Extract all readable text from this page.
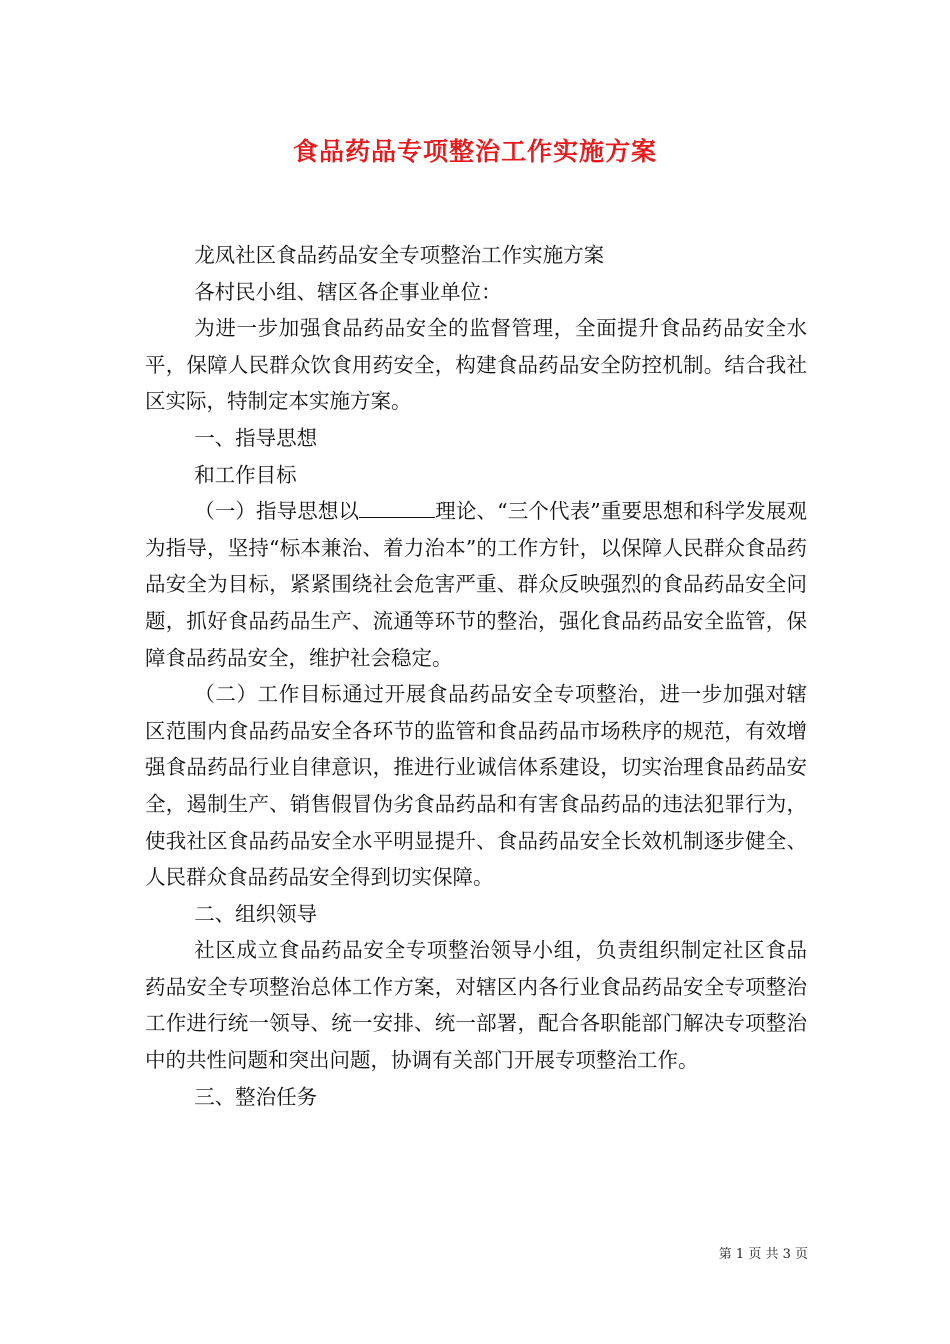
食品药品专项整治工作实施方案

龙凤社区食品药品安全专项整治工作实施方案

各村民小组、辖区各企事业单位：

为进一步加强食品药品安全的监督管理，全面提升食品药品安全水平，保障人民群众饮食用药安全，构建食品药品安全防控机制。结合我社区实际，特制定本实施方案。

一、指导思想

和工作目标

（一）指导思想以	理论、“三个代表”重要思想和科学发展观为指导，坚持“标本兼治、着力治本”的工作方针，以保障人民群众食品药品安全为目标，紧紧围绕社会危害严重、群众反映强烈的食品药品安全问题，抓好食品药品生产、流通等环节的整治，强化食品药品安全监管，保障食品药品安全，维护社会稳定。

（二）工作目标通过开展食品药品安全专项整治，进一步加强对辖区范围内食品药品安全各环节的监管和食品药品市场秩序的规范，有效增强食品药品行业自律意识，推进行业诚信体系建设，切实治理食品药品安全，遏制生产、销售假冒伪劣食品药品和有害食品药品的违法犯罪行为，使我社区食品药品安全水平明显提升、食品药品安全长效机制逐步健全、人民群众食品药品安全得到切实保障。

二、组织领导

社区成立食品药品安全专项整治领导小组，负责组织制定社区食品药品安全专项整治总体工作方案，对辖区内各行业食品药品安全专项整治工作进行统一领导、统一安排、统一部署，配合各职能部门解决专项整治中的共性问题和突出问题，协调有关部门开展专项整治工作。

三、整治任务

第 1 页 共 3 页
